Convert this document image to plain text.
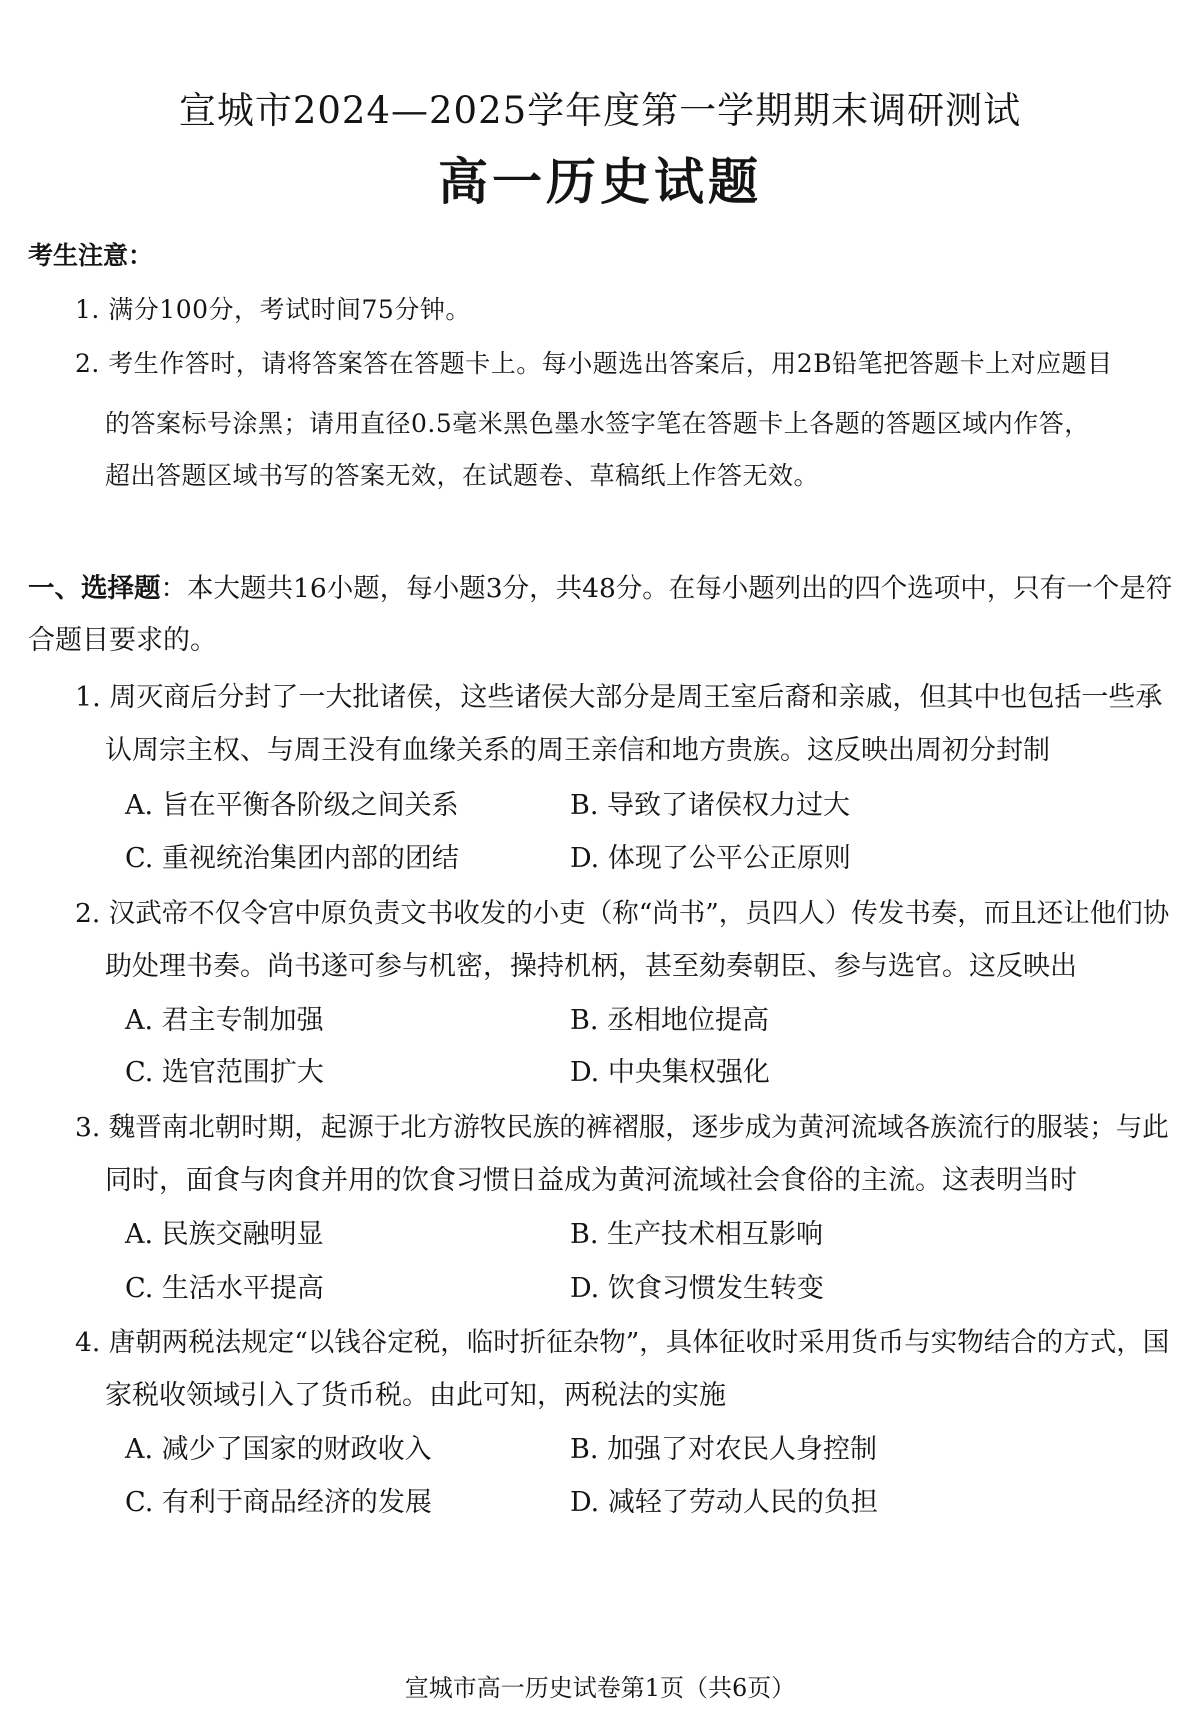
宣城市2024—2025学年度第一学期期末调研测试
高一历史试题
考生注意：
1. 满分100分，考试时间75分钟。
2. 考生作答时，请将答案答在答题卡上。每小题选出答案后，用2B铅笔把答题卡上对应题目
的答案标号涂黑；请用直径0.5毫米黑色墨水签字笔在答题卡上各题的答题区域内作答，
超出答题区域书写的答案无效，在试题卷、草稿纸上作答无效。
一、选择题：本大题共16小题，每小题3分，共48分。在每小题列出的四个选项中，只有一个是符
合题目要求的。
1. 周灭商后分封了一大批诸侯，这些诸侯大部分是周王室后裔和亲戚，但其中也包括一些承
认周宗主权、与周王没有血缘关系的周王亲信和地方贵族。这反映出周初分封制
A. 旨在平衡各阶级之间关系	B. 导致了诸侯权力过大
C. 重视统治集团内部的团结	D. 体现了公平公正原则
2. 汉武帝不仅令宫中原负责文书收发的小吏（称“尚书”，员四人）传发书奏，而且还让他们协
助处理书奏。尚书遂可参与机密，操持机柄，甚至劾奏朝臣、参与选官。这反映出
A. 君主专制加强	B. 丞相地位提高
C. 选官范围扩大	D. 中央集权强化
3. 魏晋南北朝时期，起源于北方游牧民族的裤褶服，逐步成为黄河流域各族流行的服装；与此
同时，面食与肉食并用的饮食习惯日益成为黄河流域社会食俗的主流。这表明当时
A. 民族交融明显	B. 生产技术相互影响
C. 生活水平提高	D. 饮食习惯发生转变
4. 唐朝两税法规定“以钱谷定税，临时折征杂物”，具体征收时采用货币与实物结合的方式，国
家税收领域引入了货币税。由此可知，两税法的实施
A. 减少了国家的财政收入	B. 加强了对农民人身控制
C. 有利于商品经济的发展	D. 减轻了劳动人民的负担
宣城市高一历史试卷第1页（共6页）
